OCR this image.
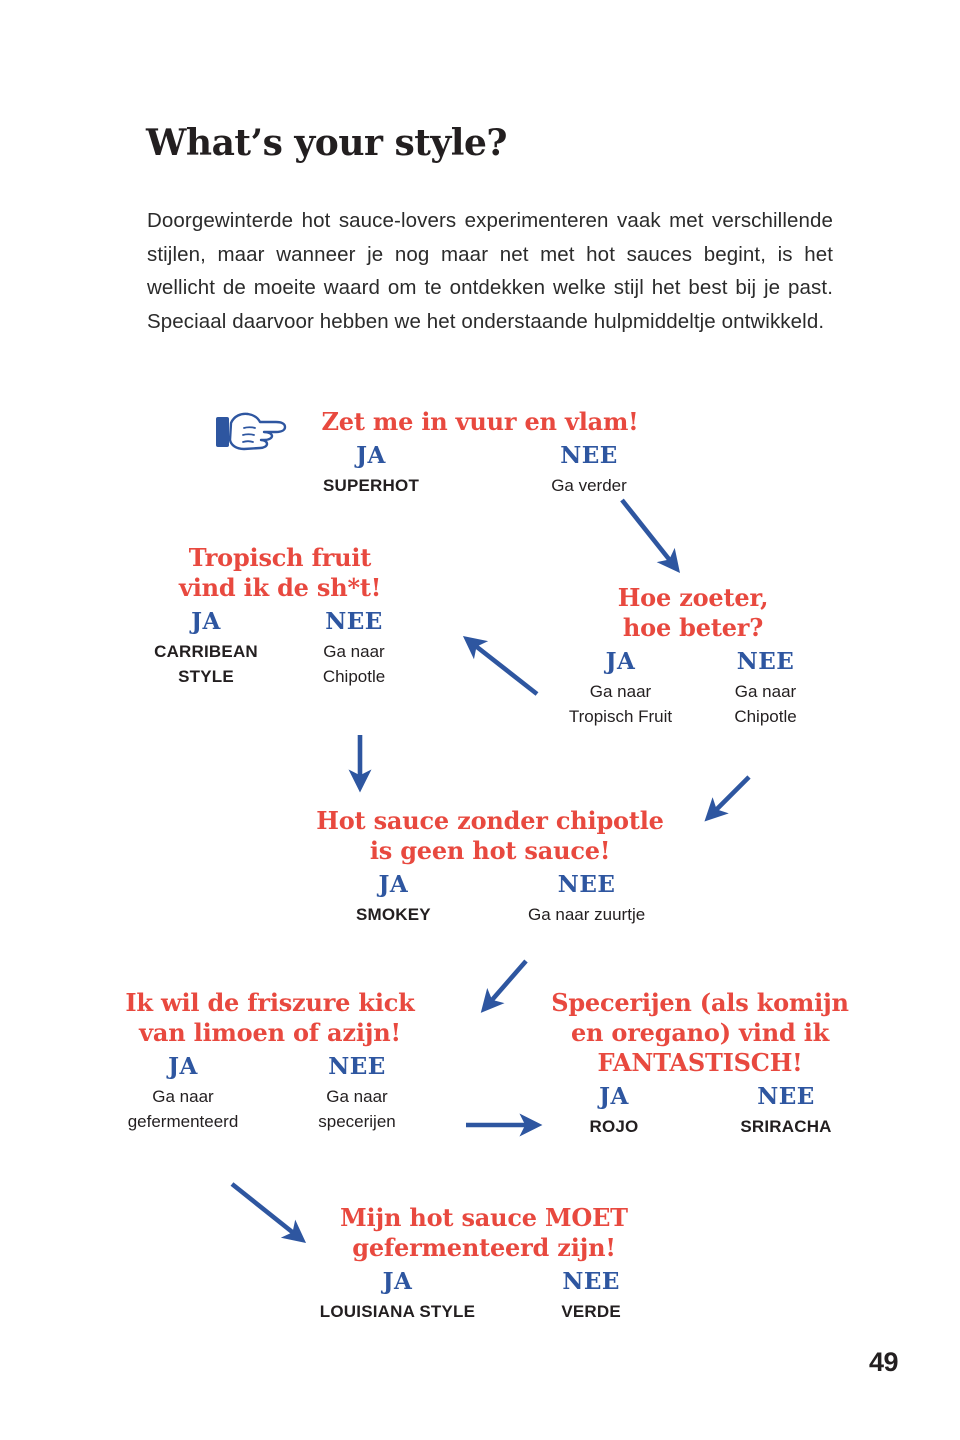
What’s your style?

Doorgewinterde hot sauce-lovers experimenteren vaak met verschillende stijlen, maar wanneer je nog maar net met hot sauces begint, is het wellicht de moeite waard om te ontdekken welke stijl het best bij je past. Speciaal daarvoor hebben we het onderstaande hulpmiddeltje ontwikkeld.

Zet me in vuur en vlam!
JA
SUPERHOT
NEE
Ga verder
Tropisch fruit
vind ik de sh*t!
JA
CARRIBEAN
STYLE
NEE
Ga naar
Chipotle
Hoe zoeter,
hoe beter?
JA
Ga naar
Tropisch Fruit
NEE
Ga naar
Chipotle
Hot sauce zonder chipotle
is geen hot sauce!
JA
SMOKEY
NEE
Ga naar zuurtje
Ik wil de friszure kick
van limoen of azijn!
JA
Ga naar
gefermenteerd
NEE
Ga naar
specerijen
Specerijen (als komijn
en oregano) vind ik
FANTASTISCH!
JA
ROJO
NEE
SRIRACHA
Mijn hot sauce MOET
gefermenteerd zijn!
JA
LOUISIANA STYLE
NEE
VERDE
49
